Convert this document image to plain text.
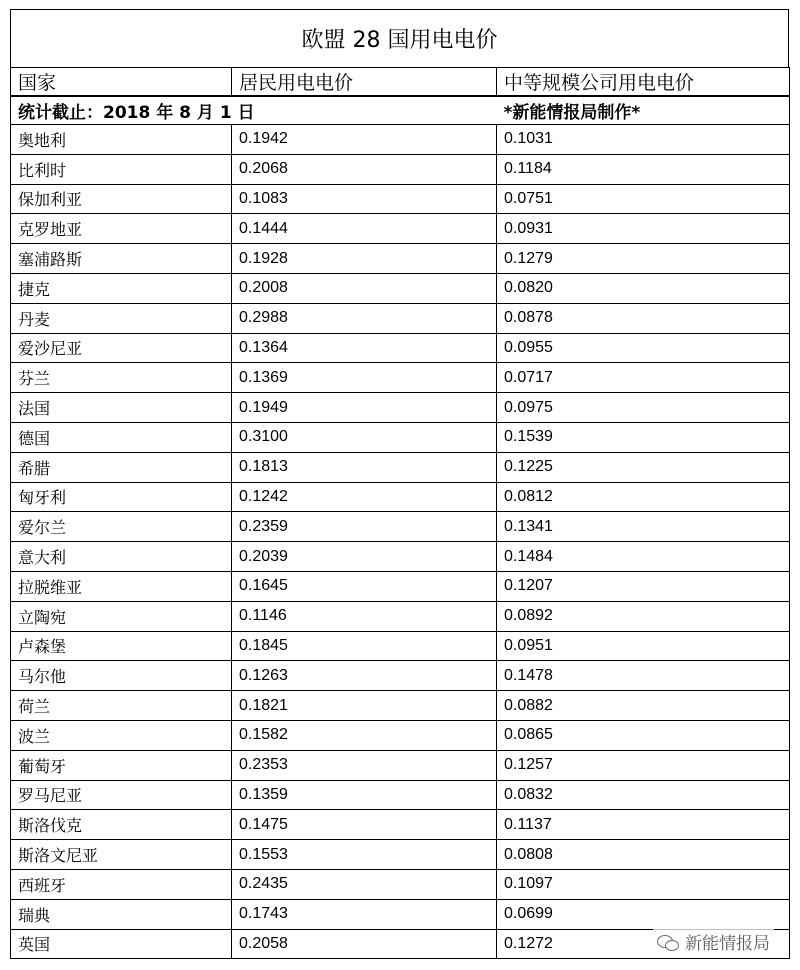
欧盟 28 国用电电价
国家	居民用电电价	中等规模公司用电电价
统计截止：2018 年 8 月 1 日		*新能情报局制作*
奥地利	0.1942	0.1031
比利时	0.2068	0.1184
保加利亚	0.1083	0.0751
克罗地亚	0.1444	0.0931
塞浦路斯	0.1928	0.1279
捷克	0.2008	0.0820
丹麦	0.2988	0.0878
爱沙尼亚	0.1364	0.0955
芬兰	0.1369	0.0717
法国	0.1949	0.0975
德国	0.3100	0.1539
希腊	0.1813	0.1225
匈牙利	0.1242	0.0812
爱尔兰	0.2359	0.1341
意大利	0.2039	0.1484
拉脱维亚	0.1645	0.1207
立陶宛	0.1146	0.0892
卢森堡	0.1845	0.0951
马尔他	0.1263	0.1478
荷兰	0.1821	0.0882
波兰	0.1582	0.0865
葡萄牙	0.2353	0.1257
罗马尼亚	0.1359	0.0832
斯洛伐克	0.1475	0.1137
斯洛文尼亚	0.1553	0.0808
西班牙	0.2435	0.1097
瑞典	0.1743	0.0699
英国	0.2058	0.1272	新能情报局
